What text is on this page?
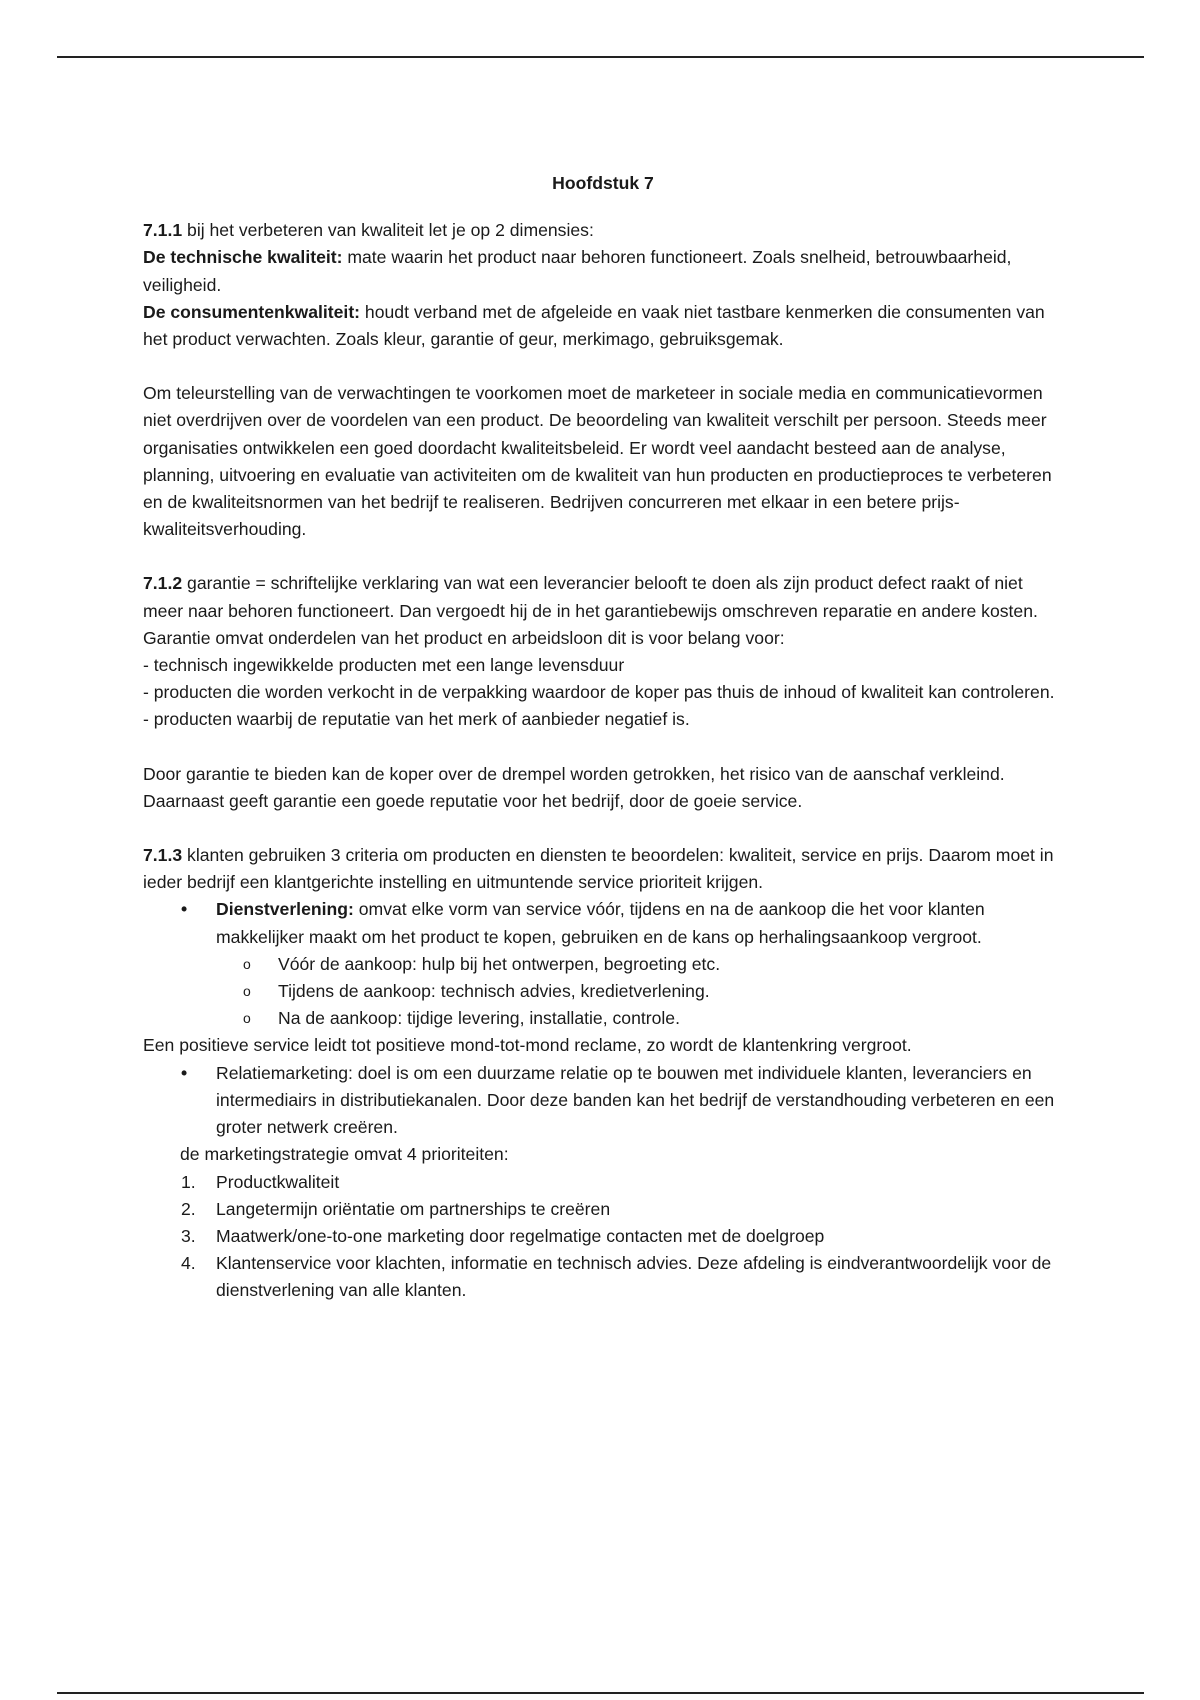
Hoofdstuk 7

7.1.1 bij het verbeteren van kwaliteit let je op 2 dimensies:

De technische kwaliteit: mate waarin het product naar behoren functioneert. Zoals snelheid, betrouwbaarheid, veiligheid.

De consumentenkwaliteit: houdt verband met de afgeleide en vaak niet tastbare kenmerken die consumenten van het product verwachten. Zoals kleur, garantie of geur, merkimago, gebruiksgemak.

Om teleurstelling van de verwachtingen te voorkomen moet de marketeer in sociale media en communicatievormen niet overdrijven over de voordelen van een product. De beoordeling van kwaliteit verschilt per persoon. Steeds meer organisaties ontwikkelen een goed doordacht kwaliteitsbeleid. Er wordt veel aandacht besteed aan de analyse, planning, uitvoering en evaluatie van activiteiten om de kwaliteit van hun producten en productieproces te verbeteren en de kwaliteitsnormen van het bedrijf te realiseren. Bedrijven concurreren met elkaar in een betere prijs-kwaliteitsverhouding.

7.1.2 garantie = schriftelijke verklaring van wat een leverancier belooft te doen als zijn product defect raakt of niet meer naar behoren functioneert. Dan vergoedt hij de in het garantiebewijs omschreven reparatie en andere kosten. Garantie omvat onderdelen van het product en arbeidsloon dit is voor belang voor:

- technisch ingewikkelde producten met een lange levensduur

- producten die worden verkocht in de verpakking waardoor de koper pas thuis de inhoud of kwaliteit kan controleren.

- producten waarbij de reputatie van het merk of aanbieder negatief is.

Door garantie te bieden kan de koper over de drempel worden getrokken, het risico van de aanschaf verkleind. Daarnaast geeft garantie een goede reputatie voor het bedrijf, door de goeie service.

7.1.3 klanten gebruiken 3 criteria om producten en diensten te beoordelen: kwaliteit, service en prijs. Daarom moet in ieder bedrijf een klantgerichte instelling en uitmuntende service prioriteit krijgen.

• Dienstverlening: omvat elke vorm van service vóór, tijdens en na de aankoop die het voor klanten makkelijker maakt om het product te kopen, gebruiken en de kans op herhalingsaankoop vergroot.
o Vóór de aankoop: hulp bij het ontwerpen, begroeting etc.
o Tijdens de aankoop: technisch advies, kredietverlening.
o Na de aankoop: tijdige levering, installatie, controle.

Een positieve service leidt tot positieve mond-tot-mond reclame, zo wordt de klantenkring vergroot.

• Relatiemarketing: doel is om een duurzame relatie op te bouwen met individuele klanten, leveranciers en intermediairs in distributiekanalen. Door deze banden kan het bedrijf de verstandhouding verbeteren en een groter netwerk creëren.

de marketingstrategie omvat 4 prioriteiten:

1. Productkwaliteit
2. Langetermijn oriëntatie om partnerships te creëren
3. Maatwerk/one-to-one marketing door regelmatige contacten met de doelgroep
4. Klantenservice voor klachten, informatie en technisch advies. Deze afdeling is eindverantwoordelijk voor de dienstverlening van alle klanten.
